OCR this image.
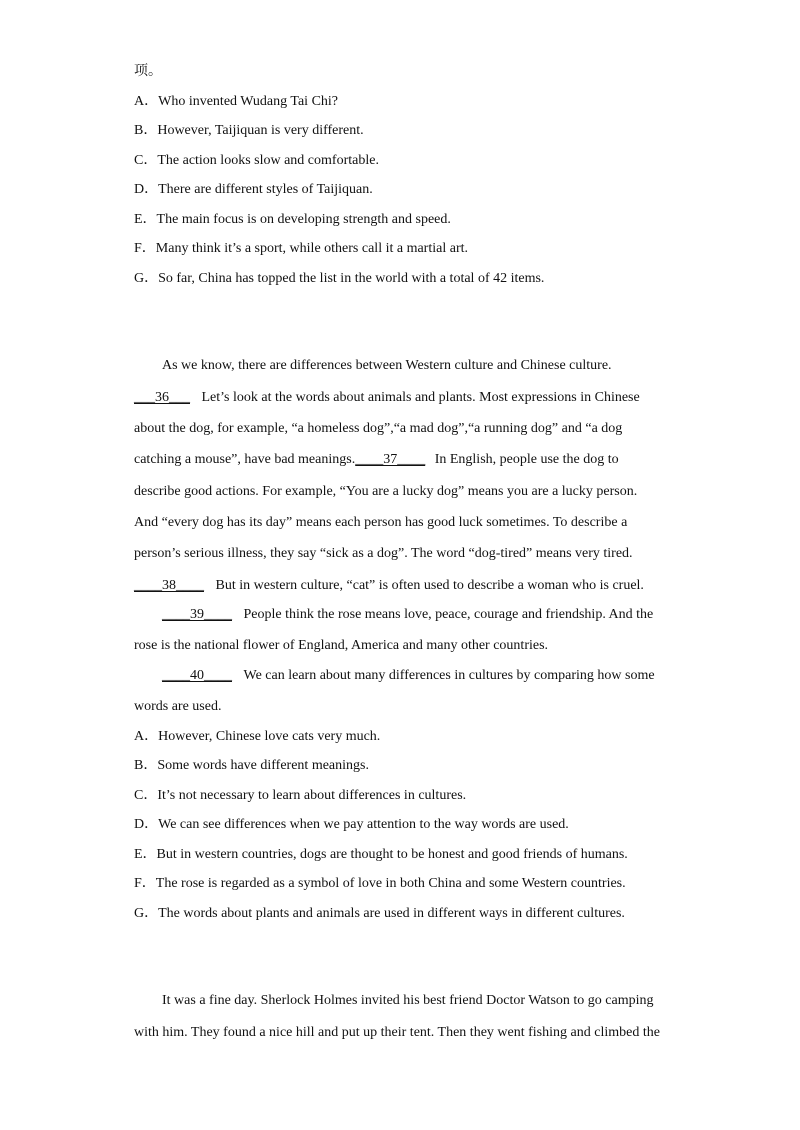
项。
A．Who invented Wudang Tai Chi?
B．However, Taijiquan is very different.
C．The action looks slow and comfortable.
D．There are different styles of Taijiquan.
E．The main focus is on developing strength and speed.
F．Many think it’s a sport, while others call it a martial art.
G．So far, China has topped the list in the world with a total of 42 items.
As we know, there are differences between Western culture and Chinese culture.
___36___ Let’s look at the words about animals and plants. Most expressions in Chinese
about the dog, for example, “a homeless dog”,“a mad dog”,“a running dog” and “a dog
catching a mouse”, have bad meanings.____37____ In English, people use the dog to
describe good actions. For example, “You are a lucky dog” means you are a lucky person.
And “every dog has its day” means each person has good luck sometimes. To describe a
person’s serious illness, they say “sick as a dog”. The word “dog-tired” means very tired.
____38____ But in western culture, “cat” is often used to describe a woman who is cruel.
____39____ People think the rose means love, peace, courage and friendship. And the
rose is the national flower of England, America and many other countries.
____40____ We can learn about many differences in cultures by comparing how some
words are used.
A．However, Chinese love cats very much.
B．Some words have different meanings.
C．It’s not necessary to learn about differences in cultures.
D．We can see differences when we pay attention to the way words are used.
E．But in western countries, dogs are thought to be honest and good friends of humans.
F．The rose is regarded as a symbol of love in both China and some Western countries.
G．The words about plants and animals are used in different ways in different cultures.
It was a fine day. Sherlock Holmes invited his best friend Doctor Watson to go camping
with him. They found a nice hill and put up their tent. Then they went fishing and climbed the
